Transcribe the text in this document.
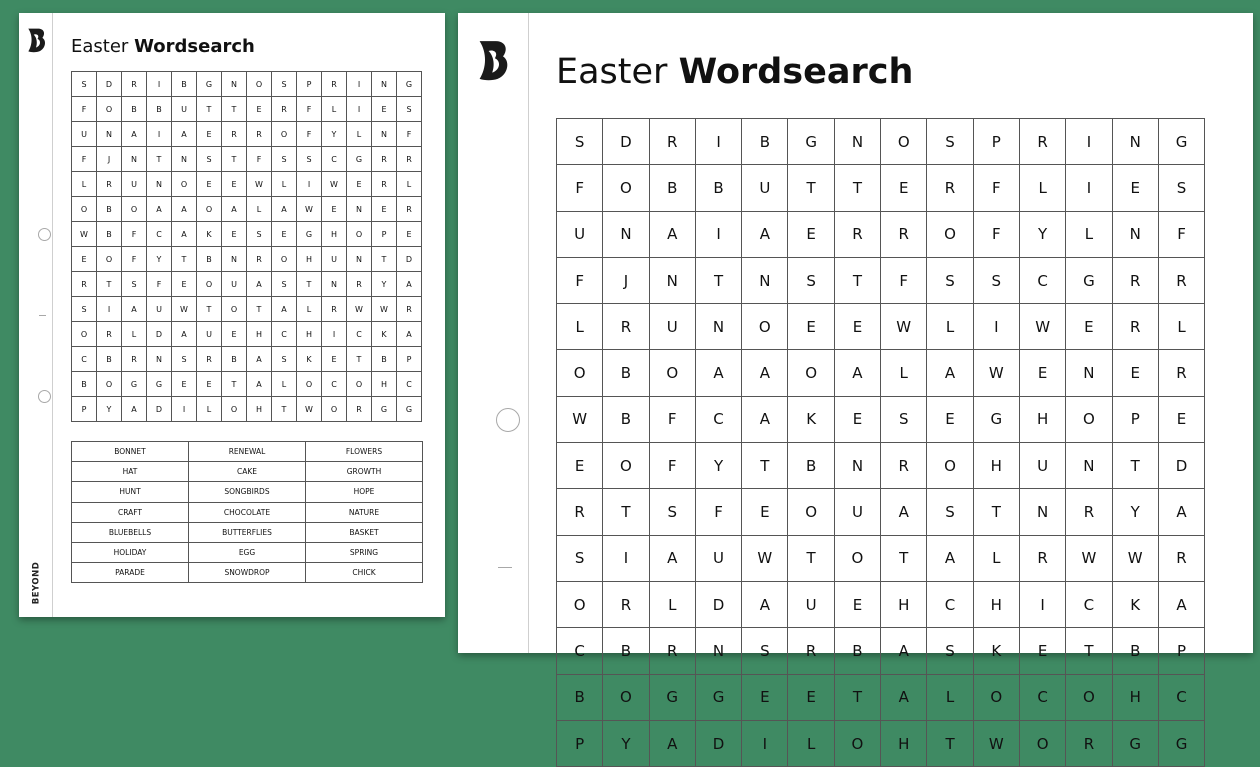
Easter Wordsearch
S	D	R	I	B	G	N	O	S	P	R	I	N	G
F	O	B	B	U	T	T	E	R	F	L	I	E	S
U	N	A	I	A	E	R	R	O	F	Y	L	N	F
F	J	N	T	N	S	T	F	S	S	C	G	R	R
L	R	U	N	O	E	E	W	L	I	W	E	R	L
O	B	O	A	A	O	A	L	A	W	E	N	E	R
W	B	F	C	A	K	E	S	E	G	H	O	P	E
E	O	F	Y	T	B	N	R	O	H	U	N	T	D
R	T	S	F	E	O	U	A	S	T	N	R	Y	A
S	I	A	U	W	T	O	T	A	L	R	W	W	R
O	R	L	D	A	U	E	H	C	H	I	C	K	A
C	B	R	N	S	R	B	A	S	K	E	T	B	P
B	O	G	G	E	E	T	A	L	O	C	O	H	C
P	Y	A	D	I	L	O	H	T	W	O	R	G	G
BONNET	RENEWAL	FLOWERS
HAT	CAKE	GROWTH
HUNT	SONGBIRDS	HOPE
CRAFT	CHOCOLATE	NATURE
BLUEBELLS	BUTTERFLIES	BASKET
HOLIDAY	EGG	SPRING
PARADE	SNOWDROP	CHICK
BEYOND
Easter Wordsearch
S	D	R	I	B	G	N	O	S	P	R	I	N	G
F	O	B	B	U	T	T	E	R	F	L	I	E	S
U	N	A	I	A	E	R	R	O	F	Y	L	N	F
F	J	N	T	N	S	T	F	S	S	C	G	R	R
L	R	U	N	O	E	E	W	L	I	W	E	R	L
O	B	O	A	A	O	A	L	A	W	E	N	E	R
W	B	F	C	A	K	E	S	E	G	H	O	P	E
E	O	F	Y	T	B	N	R	O	H	U	N	T	D
R	T	S	F	E	O	U	A	S	T	N	R	Y	A
S	I	A	U	W	T	O	T	A	L	R	W	W	R
O	R	L	D	A	U	E	H	C	H	I	C	K	A
C	B	R	N	S	R	B	A	S	K	E	T	B	P
B	O	G	G	E	E	T	A	L	O	C	O	H	C
P	Y	A	D	I	L	O	H	T	W	O	R	G	G
